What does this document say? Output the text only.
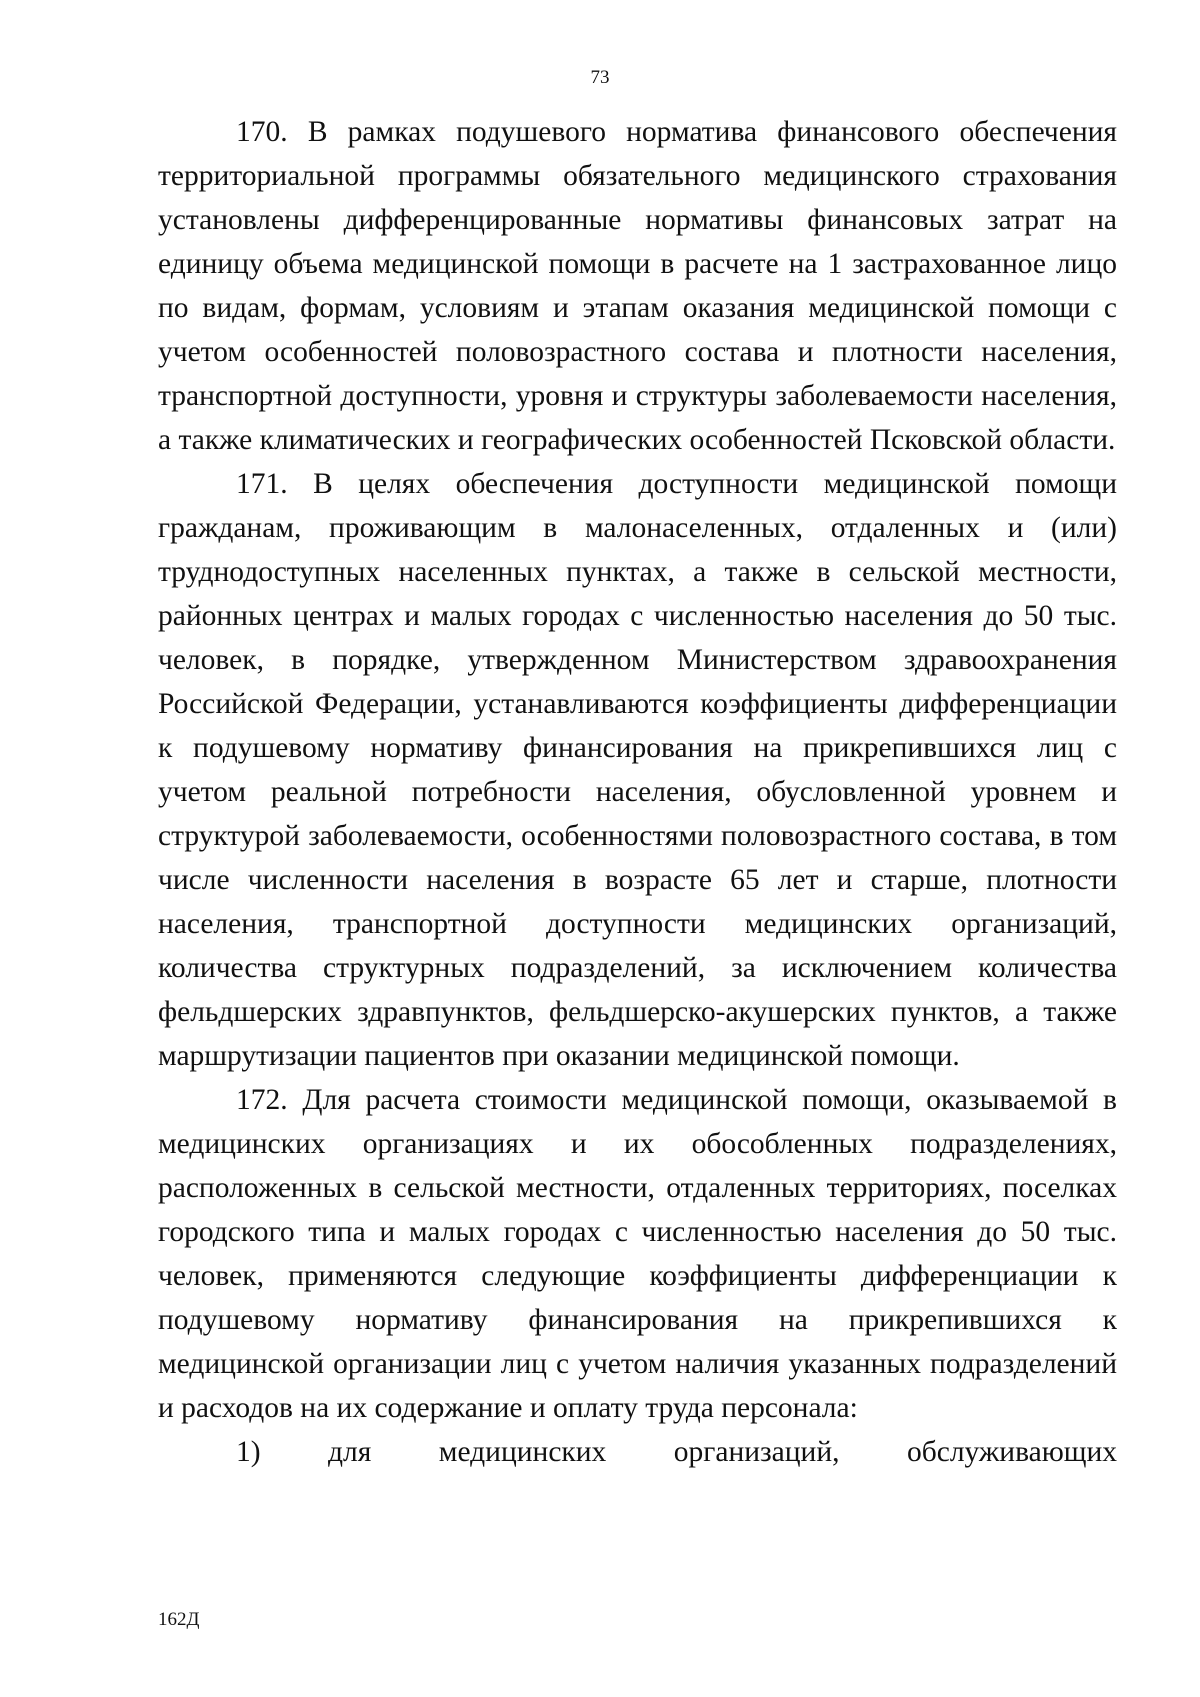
73

170. В рамках подушевого норматива финансового обеспечения территориальной программы обязательного медицинского страхования установлены дифференцированные нормативы финансовых затрат на единицу объема медицинской помощи в расчете на 1 застрахованное лицо по видам, формам, условиям и этапам оказания медицинской помощи с учетом особенностей половозрастного состава и плотности населения, транспортной доступности, уровня и структуры заболеваемости населения, а также климатических и географических особенностей Псковской области.

171. В целях обеспечения доступности медицинской помощи гражданам, проживающим в малонаселенных, отдаленных и (или) труднодоступных населенных пунктах, а также в сельской местности, районных центрах и малых городах с численностью населения до 50 тыс. человек, в порядке, утвержденном Министерством здравоохранения Российской Федерации, устанавливаются коэффициенты дифференциации к подушевому нормативу финансирования на прикрепившихся лиц с учетом реальной потребности населения, обусловленной уровнем и структурой заболеваемости, особенностями половозрастного состава, в том числе численности населения в возрасте 65 лет и старше, плотности населения, транспортной доступности медицинских организаций, количества структурных подразделений, за исключением количества фельдшерских здравпунктов, фельдшерско-акушерских пунктов, а также маршрутизации пациентов при оказании медицинской помощи.

172. Для расчета стоимости медицинской помощи, оказываемой в медицинских организациях и их обособленных подразделениях, расположенных в сельской местности, отдаленных территориях, поселках городского типа и малых городах с численностью населения до 50 тыс. человек, применяются следующие коэффициенты дифференциации к подушевому нормативу финансирования на прикрепившихся к медицинской организации лиц с учетом наличия указанных подразделений и расходов на их содержание и оплату труда персонала:

1) для медицинских организаций, обслуживающих

162Д
